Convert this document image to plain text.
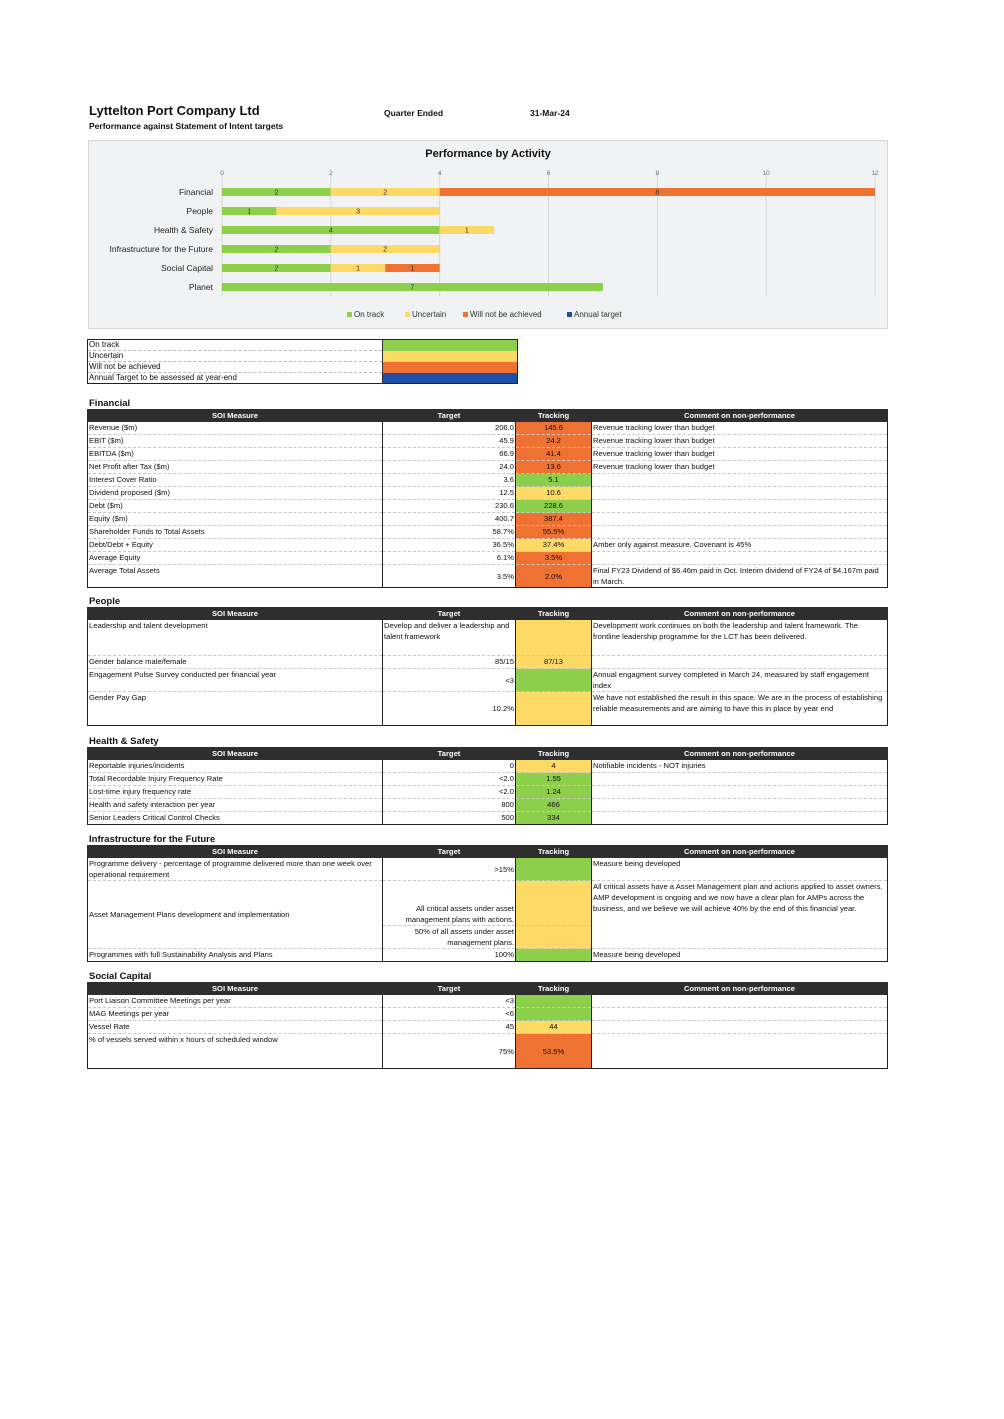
Lyttelton Port Company Ltd
Performance against Statement of Intent targets
Quarter Ended	31-Mar-24
Performance by Activity
0	2	4	6	8	10	12
Financial	2	2	8
People	1	3
Health & Safety	4	1
Infrastructure for the Future	2	2
Social Capital	2	1	1
Planet	7
On track	Uncertain	Will not be achieved	Annual target
On track	
Uncertain	
Will not be achieved	
Annual Target to be assessed at year-end	
Financial
SOI Measure	Target	Tracking	Comment on non-performance
Revenue ($m)	206.0	145.6	Revenue tracking lower than budget
EBIT ($m)	45.9	24.2	Revenue tracking lower than budget
EBITDA ($m)	66.9	41.4	Revenue tracking lower than budget
Net Profit after Tax ($m)	24.0	13.6	Revenue tracking lower than budget
Interest Cover Ratio	3.6	5.1	
Dividend proposed ($m)	12.5	10.6	
Debt ($m)	230.6	228.6	
Equity ($m)	400.7	387.4	
Shareholder Funds to Total Assets	58.7%	55.5%	
Debt/Debt + Equity	36.5%	37.4%	Amber only against measure. Covenant is 45%
Average Equity	6.1%	3.5%	
Average Total Assets	3.5%	2.0%	Final FY23 Dividend of $6.46m paid in Oct. Interim dividend of FY24 of $4.167m paid in March.
People
SOI Measure	Target	Tracking	Comment on non-performance
Leadership and talent development	Develop and deliver a leadership and talent framework		Development work continues on both the leadership and talent framework. The frontline leadership programme for the LCT has been delivered.
Gender balance male/female	85/15	87/13	
Engagement Pulse Survey conducted per financial year	<3		Annual engagment survey completed in March 24, measured by staff engagement index
Gender Pay Gap	10.2%		We have not established the result in this space. We are in the process of establishing reliable measurements and are aiming to have this in place by year end
Health & Safety
SOI Measure	Target	Tracking	Comment on non-performance
Reportable injuries/incidents	0	4	Notifiable incidents - NOT injuries
Total Recordable Injury Frequency Rate	<2.0	1.55	
Lost-time injury frequency rate	<2.0	1.24	
Health and safety interaction per year	800	466	
Senior Leaders Critical Control Checks	500	334	
Infrastructure for the Future
SOI Measure	Target	Tracking	Comment on non-performance
Programme delivery - percentage of programme delivered more than one week over operational requirement	>15%		Measure being developed
Asset Management Plans development and implementation	All critical assets under asset management plans with actions.		All critical assets have a Asset Management plan and actions applied to asset owners. AMP development is ongoing and we now have a clear plan for AMPs across the business, and we believe we will achieve 40% by the end of this financial year.
	50% of all assets under asset management plans.		
Programmes with full Sustainability Analysis and Plans	100%		Measure being developed
Social Capital
SOI Measure	Target	Tracking	Comment on non-performance
Port Liaison Committee Meetings per year	<3		
MAG Meetings per year	<6		
Vessel Rate	45	44	
% of vessels served within x hours of scheduled window	75%	53.5%	
